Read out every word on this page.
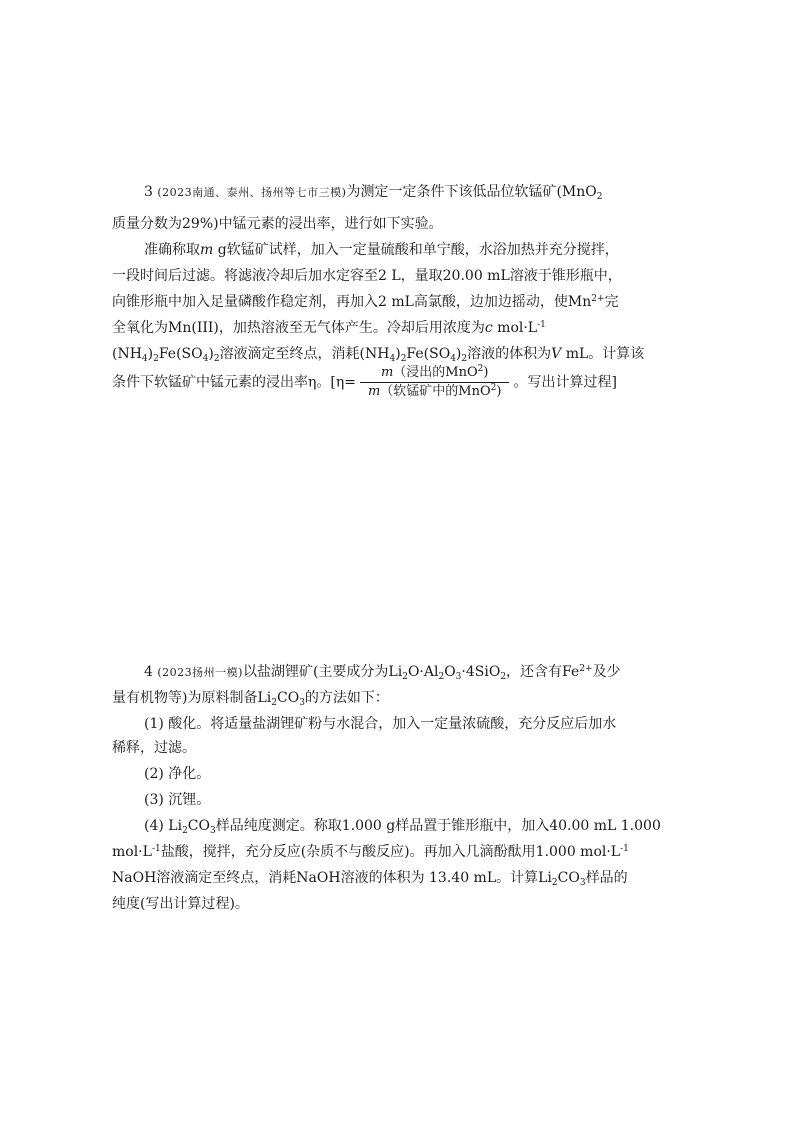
3 (2023南通、泰州、扬州等七市三模)为测定一定条件下该低品位软锰矿(MnO$_2$
质量分数为29%)中锰元素的浸出率，进行如下实验。
准确称取m g软锰矿试样，加入一定量硫酸和单宁酸，水浴加热并充分搅拌，
一段时间后过滤。将滤液冷却后加水定容至2 L，量取20.00 mL溶液于锥形瓶中，
向锥形瓶中加入足量磷酸作稳定剂，再加入2 mL高氯酸，边加边摇动，使$Mn^{2+}$完
全氧化为Mn(III)，加热溶液至无气体产生。冷却后用浓度为c $mol\cdot L^{-1}$
$(NH_4)_2Fe(SO_4)_2$溶液滴定至终点，消耗$(NH_4)_2Fe(SO_4)_2$溶液的体积为V mL。计算该
条件下软锰矿中锰元素的浸出率η。[$\eta= \frac{m(浸出的MnO^2)}{m(软锰矿中的MnO^2)}$ 。写出计算过程]
4 (2023扬州一模)以盐湖锂矿(主要成分为$Li_2O\cdot Al_2O_3\cdot 4SiO_2$，还含有$Fe^{2+}$及少
量有机物等)为原料制备$Li_2CO_3$的方法如下：
(1) 酸化。将适量盐湖锂矿粉与水混合，加入一定量浓硫酸，充分反应后加水
稀释，过滤。
(2) 净化。
(3) 沉锂。
(4) $Li_2CO_3$样品纯度测定。称取1.000 g样品置于锥形瓶中，加入40.00 mL 1.000
$mol\cdot L^{-1}$盐酸，搅拌，充分反应(杂质不与酸反应)。再加入几滴酚酞用1.000 $mol\cdot L^{-1}$
NaOH溶液滴定至终点，消耗NaOH溶液的体积为 13.40 mL。计算$Li_2CO_3$样品的
纯度(写出计算过程)。
